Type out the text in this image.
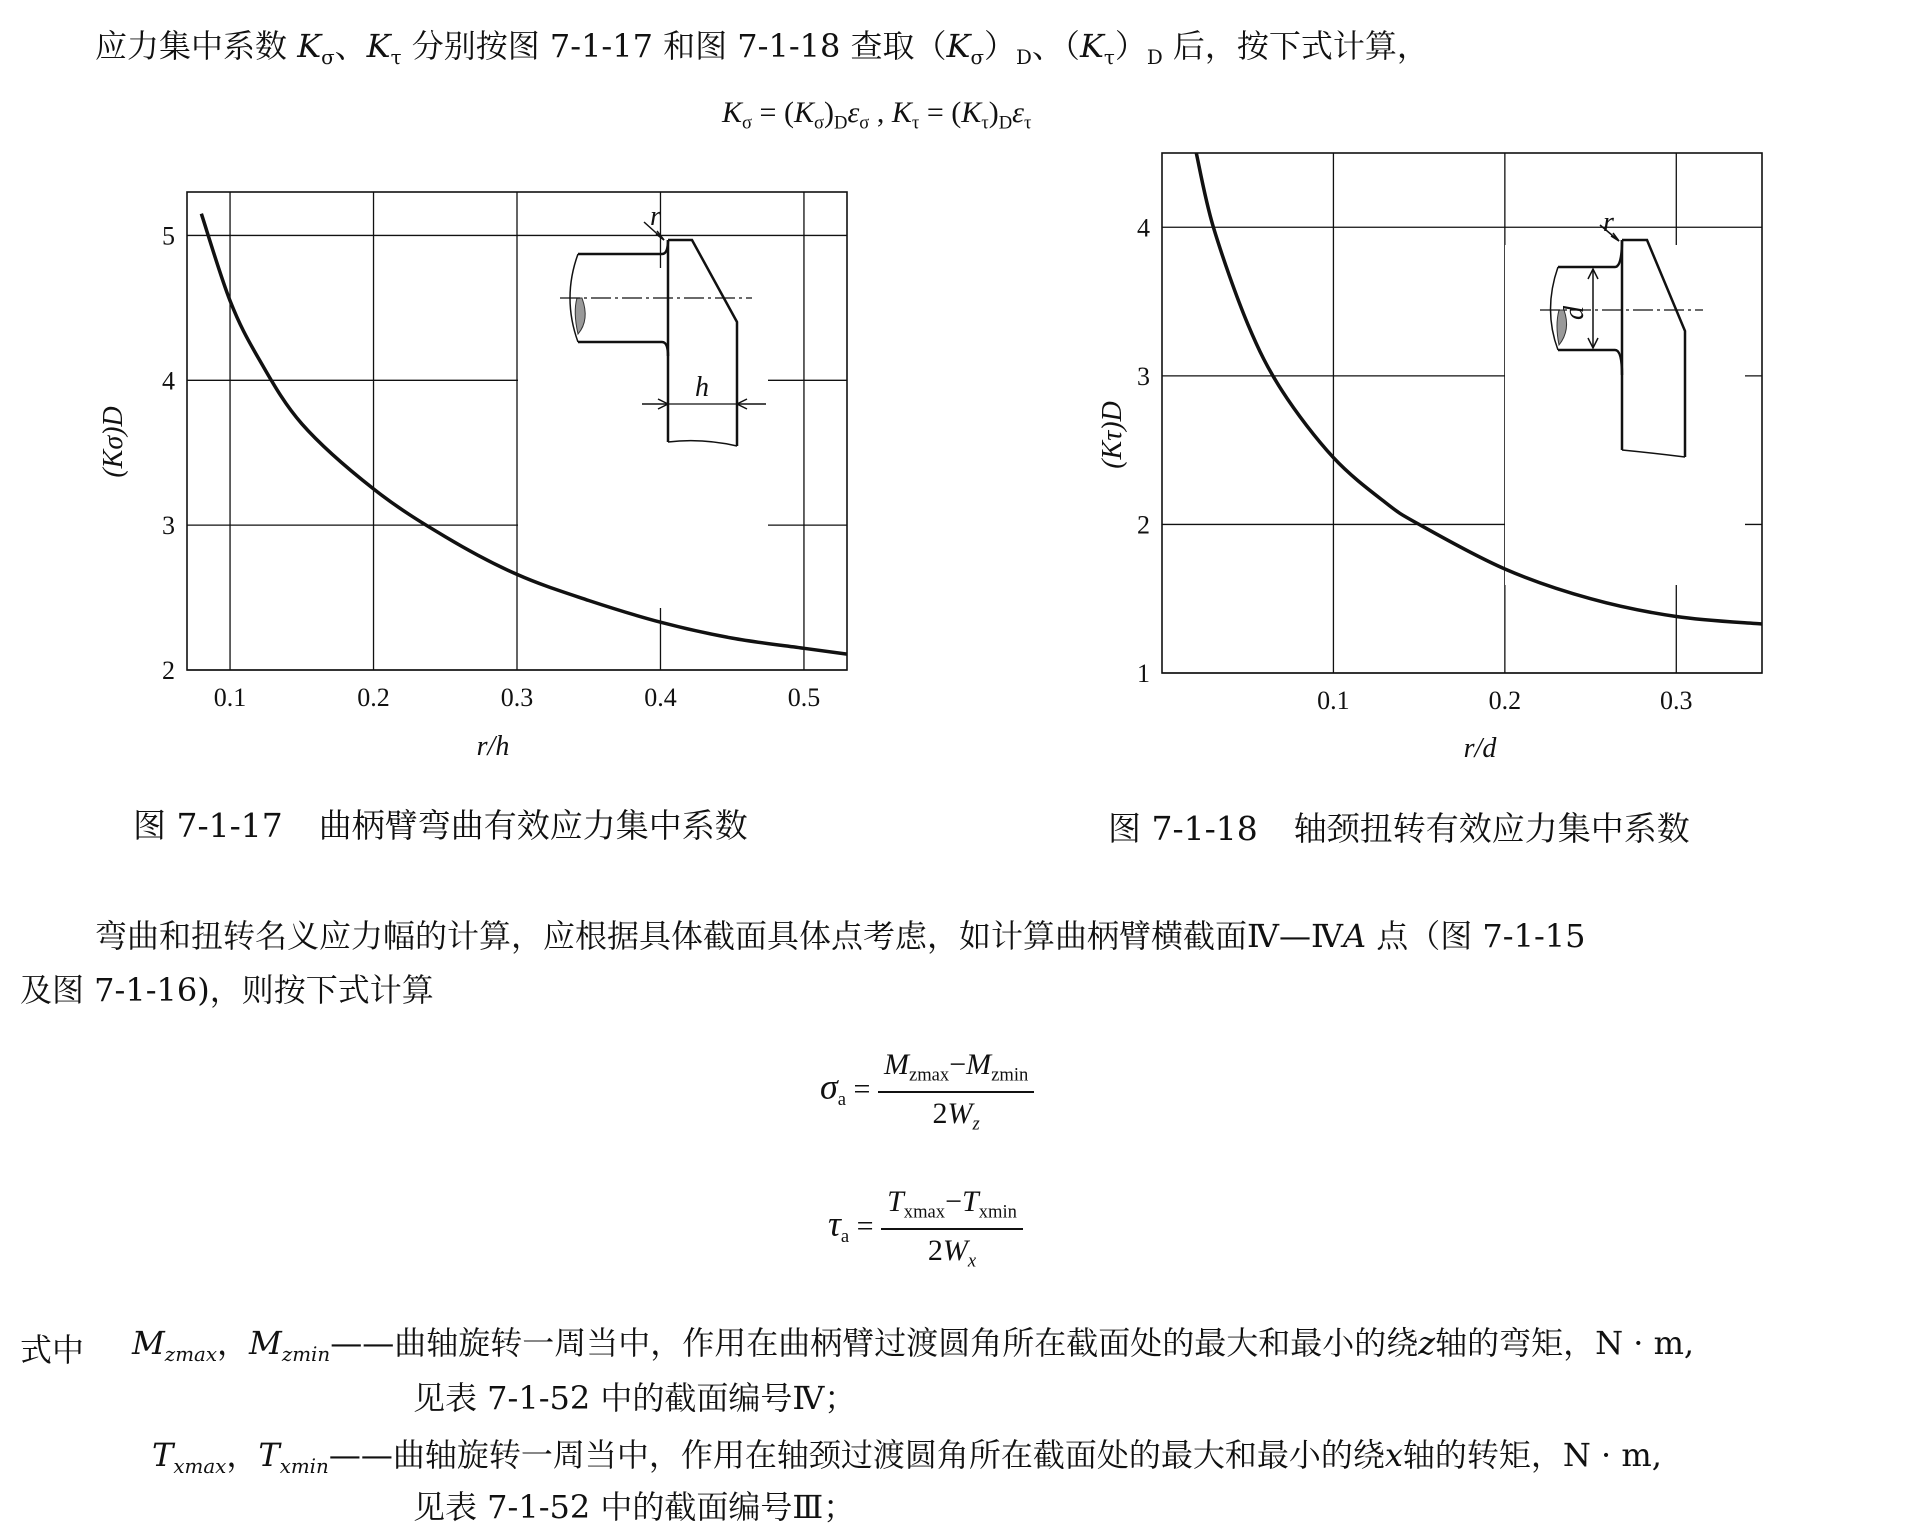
应力集中系数 $K_\sigma$、$K_\tau$ 分别按图 7-1-17 和图 7-1-18 查取$(K_\sigma)_D$、$(K_\tau)_D$ 后，按下式计算，
$K_\sigma = (K_\sigma)_D\varepsilon_\sigma$ , $K_\tau = (K_\tau)_D\varepsilon_\tau$
0.1	0.2	0.3	0.4	0.5
2
3
4
5
r
h
r/h
(Kσ)D
0.1	0.2	0.3
1
2
3
4	r
d
r/d
(Kτ)D
图 7-1-17 曲柄臂弯曲有效应力集中系数	图 7-1-18 轴颈扭转有效应力集中系数
弯曲和扭转名义应力幅的计算，应根据具体截面具体点考虑，如计算曲柄臂横截面Ⅳ—ⅣA 点（图 7-1-15
及图 7-1-16)，则按下式计算
$\sigma_a = \frac{M_{zmax}-M_{zmin}}{2W_z}$
$\tau_a = \frac{T_{xmax}-T_{xmin}}{2W_x}$
式中 $M_{zmax}$，$M_{zmin}——$曲轴旋转一周当中，作用在曲柄臂过渡圆角所在截面处的最大和最小的绕z轴的弯矩，N · m,
见表 7-1-52 中的截面编号Ⅳ；
$T_{xmax}$，$T_{xmin}——$曲轴旋转一周当中，作用在轴颈过渡圆角所在截面处的最大和最小的绕x轴的转矩，N · m,
见表 7-1-52 中的截面编号Ⅲ；
